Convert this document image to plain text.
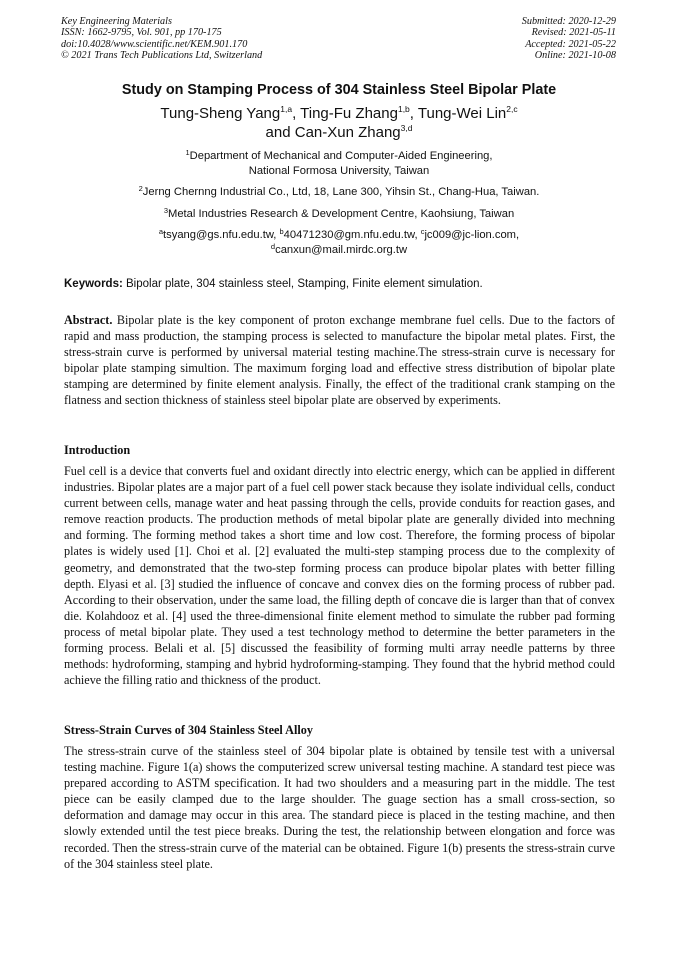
Key Engineering Materials
ISSN: 1662-9795, Vol. 901, pp 170-175
doi:10.4028/www.scientific.net/KEM.901.170
© 2021 Trans Tech Publications Ltd, Switzerland
Submitted: 2020-12-29
Revised: 2021-05-11
Accepted: 2021-05-22
Online: 2021-10-08
Study on Stamping Process of 304 Stainless Steel Bipolar Plate
Tung-Sheng Yang$^{1,a}$, Ting-Fu Zhang$^{1,b}$, Tung-Wei Lin$^{2,c}$
and Can-Xun Zhang$^{3,d}$
$^1$Department of Mechanical and Computer-Aided Engineering,
National Formosa University, Taiwan
$^2$Jerng Chernng Industrial Co., Ltd, 18, Lane 300, Yihsin St., Chang-Hua, Taiwan.
$^3$Metal Industries Research & Development Centre, Kaohsiung, Taiwan
$^a$tsyang@gs.nfu.edu.tw, $^b$40471230@gm.nfu.edu.tw, $^c$jc009@jc-lion.com,
$^d$canxun@mail.mirdc.org.tw
Keywords: Bipolar plate, 304 stainless steel, Stamping, Finite element simulation.
Abstract. Bipolar plate is the key component of proton exchange membrane fuel cells. Due to the factors of rapid and mass production, the stamping process is selected to manufacture the bipolar metal plates. First, the stress-strain curve is performed by universal material testing machine.The stress-strain curve is necessary for bipolar plate stamping simultion. The maximum forging load and effective stress distribution of bipolar plate stamping are determined by finite element analysis. Finally, the effect of the traditional crank stamping on the flatness and section thickness of stainless steel bipolar plate are observed by experiments.
Introduction
Fuel cell is a device that converts fuel and oxidant directly into electric energy, which can be applied in different industries. Bipolar plates are a major part of a fuel cell power stack because they isolate individual cells, conduct current between cells, manage water and heat passing through the cells, provide conduits for reaction gases, and remove reaction products. The production methods of metal bipolar plate are generally divided into mechning and forming. The forming method takes a short time and low cost. Therefore, the forming process of bipolar plates is widely used [1]. Choi et al. [2] evaluated the multi-step stamping process due to the complexity of geometry, and demonstrated that the two-step forming process can produce bipolar plates with better filling depth. Elyasi et al. [3] studied the influence of concave and convex dies on the forming process of rubber pad. According to their observation, under the same load, the filling depth of concave die is larger than that of convex die. Kolahdooz et al. [4] used the three-dimensional finite element method to simulate the rubber pad forming process of metal bipolar plate. They used a test technology method to determine the better parameters in the forming process. Belali et al. [5] discussed the feasibility of forming multi array needle patterns by three methods: hydroforming, stamping and hybrid hydroforming-stamping. They found that the hybrid method could achieve the filling ratio and thickness of the product.
Stress-Strain Curves of 304 Stainless Steel Alloy
The stress-strain curve of the stainless steel of 304 bipolar plate is obtained by tensile test with a universal testing machine. Figure 1(a) shows the computerized screw universal testing machine. A standard test piece was prepared according to ASTM specification. It had two shoulders and a measuring part in the middle. The test piece can be easily clamped due to the large shoulder. The guage section has a small cross-section, so deformation and damage may occur in this area. The standard piece is placed in the testing machine, and then slowly extended until the test piece breaks. During the test, the relationship between elongation and force was recorded. Then the stress-strain curve of the material can be obtained. Figure 1(b) presents the stress-strain curve of the 304 stainless steel plate.
